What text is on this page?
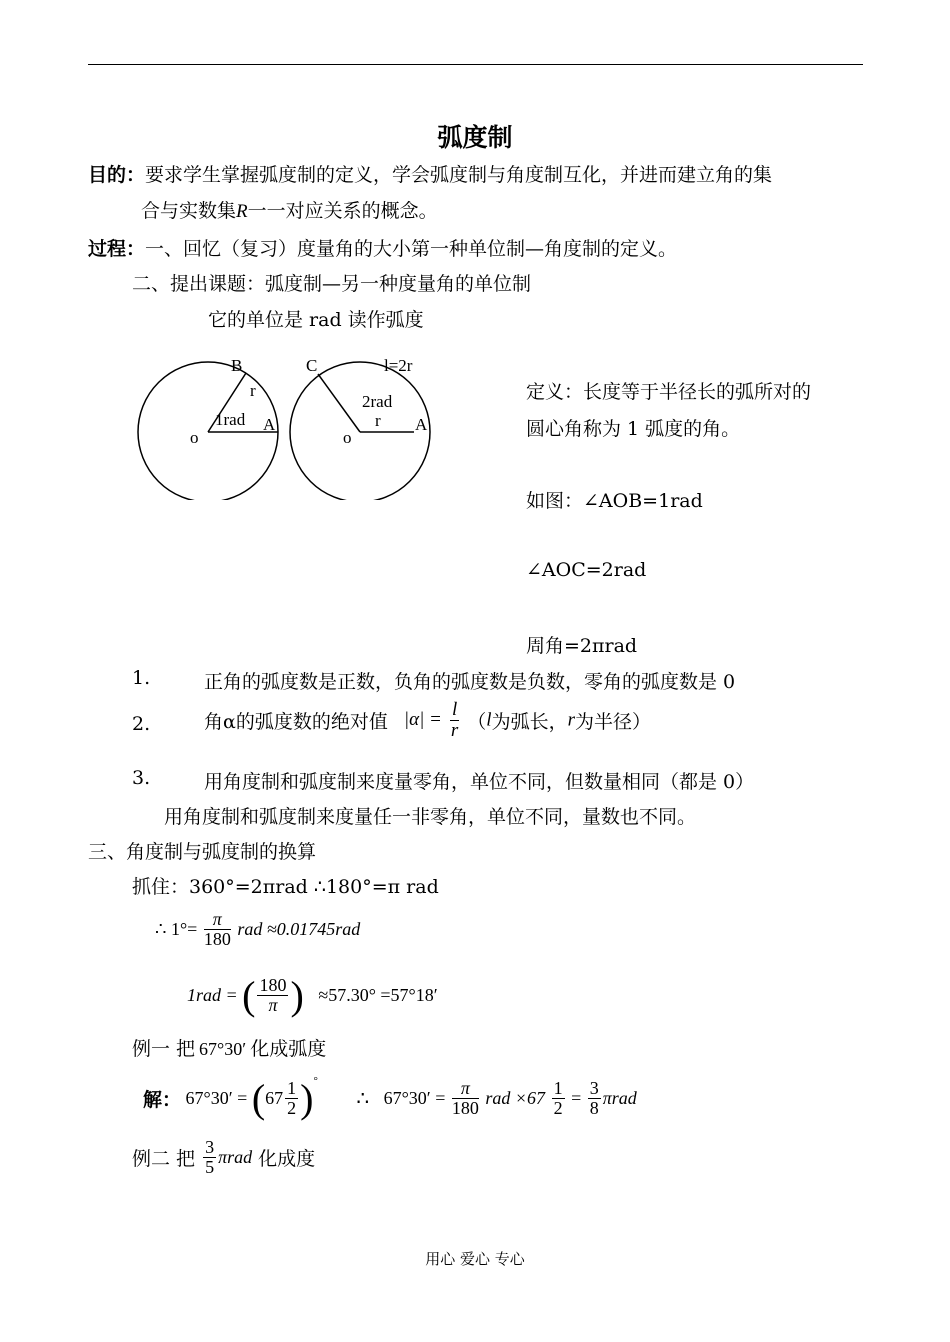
弧度制
目的：要求学生掌握弧度制的定义，学会弧度制与角度制互化，并进而建立角的集
合与实数集R一一对应关系的概念。
过程：一、回忆（复习）度量角的大小第一种单位制—角度制的定义。
二、提出课题：弧度制—另一种度量角的单位制
它的单位是 rad 读作弧度
o
A
B
r
1rad
o
A
C
2rad
r
l=2r
定义：长度等于半径长的弧所对的
圆心角称为 1 弧度的角。
如图：∠AOB=1rad
∠AOC=2rad
周角=2πrad
1.	正角的弧度数是正数，负角的弧度数是负数，零角的弧度数是 0
2.	角α的弧度数的绝对值 $|\alpha| = \frac{l}{r} (l$为弧长，r为半径）
3.	用角度制和弧度制来度量零角，单位不同，但数量相同（都是 0）
用角度制和弧度制来度量任一非零角，单位不同，量数也不同。
三、角度制与弧度制的换算
抓住：360°=2πrad ∴180°=π rad
∴ $1^\circ= \frac{\pi}{180}$ rad ≈0.01745rad
1rad = ( $\frac{180}{\pi}$ ) ≈57.30° =57°18′
例一 把 67°30′ 化成弧度
解： $67^\circ 30' = (67 \frac{1}{2} )^\circ$ ∴ $67^\circ 30' = \frac{\pi}{180}$ rad $\times 67 \frac{1}{2} = \frac{3}{8}$ πrad
例二 把 $\frac{3}{5}$ πrad 化成度
用心 爱心 专心
